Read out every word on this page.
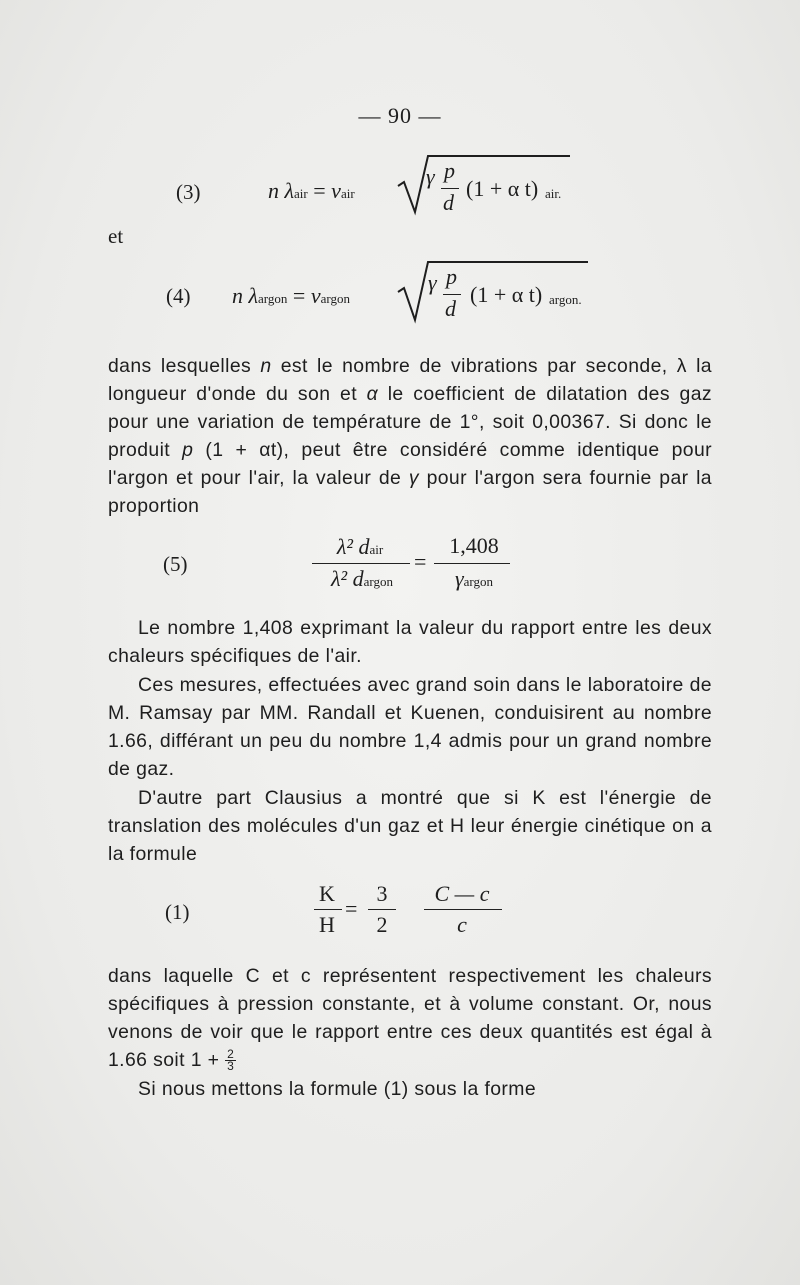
— 90 —
(3)	n λair = vair
γ p
d
(1 + α t) air.
et
(4) n λargon = vargon
γ p
d
(1 + α t) argon.

dans lesquelles n est le nombre de vibrations par seconde, λ la longueur d'onde du son et α le coefficient de dilatation des gaz pour une variation de température de 1°, soit 0,00367. Si donc le produit p (1 + αt), peut être considéré comme identique pour l'argon et pour l'air, la valeur de γ pour l'argon sera fournie par la proportion

(5)
λ² dair
λ² dargon
=
1,408
γargon

Le nombre 1,408 exprimant la valeur du rapport entre les deux chaleurs spécifiques de l'air.

Ces mesures, effectuées avec grand soin dans le laboratoire de M. Ramsay par MM. Randall et Kuenen, conduisirent au nombre 1.66, différant un peu du nombre 1,4 admis pour un grand nombre de gaz.

D'autre part Clausius a montré que si K est l'énergie de translation des molécules d'un gaz et H leur énergie cinétique on a la formule

(1)
K
H
=
3
2
C — c
c

dans laquelle C et c représentent respectivement les chaleurs spécifiques à pression constante, et à volume constant. Or, nous venons de voir que le rapport entre ces deux quantités est égal à 1.66 soit $1 + \frac{2}{3}$

Si nous mettons la formule (1) sous la forme
